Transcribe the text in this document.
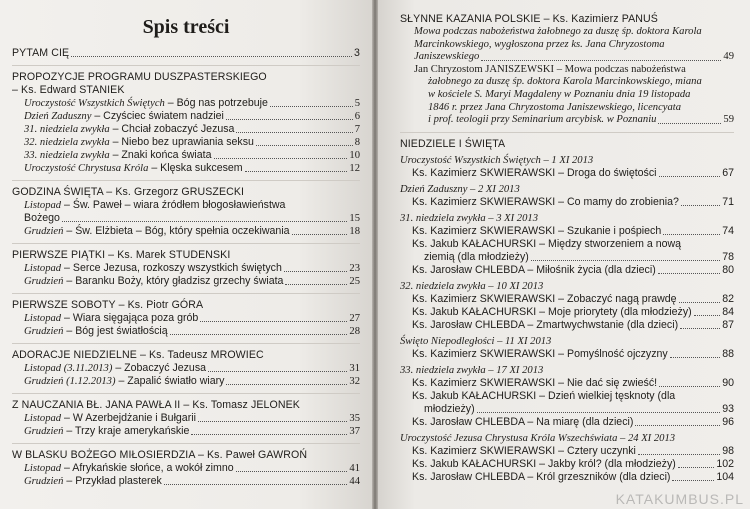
Spis treści
PYTAM CIĘ	3
PROPOZYCJE PROGRAMU DUSZPASTERSKIEGO
– Ks. Edward STANIEK
Uroczystość Wszystkich Świętych – Bóg nas potrzebuje	5
Dzień Zaduszny – Czyściec światem nadziei	6
31. niedziela zwykła – Chciał zobaczyć Jezusa	7
32. niedziela zwykła – Niebo bez uprawiania seksu	8
33. niedziela zwykła – Znaki końca świata	10
Uroczystość Chrystusa Króla – Klęska sukcesem	12
GODZINA ŚWIĘTA – Ks. Grzegorz GRUSZECKI
Listopad – Św. Paweł – wiara źródłem błogosławieństwa
Bożego	15
Grudzień – Św. Elżbieta – Bóg, który spełnia oczekiwania	18
PIERWSZE PIĄTKI – Ks. Marek STUDENSKI
Listopad – Serce Jezusa, rozkoszy wszystkich świętych	23
Grudzień – Baranku Boży, który gładzisz grzechy świata	25
PIERWSZE SOBOTY – Ks. Piotr GÓRA
Listopad – Wiara sięgająca poza grób	27
Grudzień – Bóg jest światłością	28
ADORACJE NIEDZIELNE – Ks. Tadeusz MROWIEC
Listopad (3.11.2013) – Zobaczyć Jezusa	31
Grudzień (1.12.2013) – Zapalić światło wiary	32
Z NAUCZANIA BŁ. JANA PAWŁA II – Ks. Tomasz JELONEK
Listopad – W Azerbejdżanie i Bułgarii	35
Grudzień – Trzy kraje amerykańskie	37
W BLASKU BOŻEGO MIŁOSIERDZIA – Ks. Paweł GAWROŃ
Listopad – Afrykańskie słońce, a wokół zimno	41
Grudzień – Przykład plasterek	44
SŁYNNE KAZANIA POLSKIE – Ks. Kazimierz PANUŚ
Mowa podczas nabożeństwa żałobnego za duszę śp. doktora Karola
Marcinkowskiego, wygłoszona przez ks. Jana Chryzostoma
Janiszewskiego	49
Jan Chryzostom JANISZEWSKI – Mowa podczas nabożeństwa
żałobnego za duszę śp. doktora Karola Marcinkowskiego, miana
w kościele S. Maryi Magdaleny w Poznaniu dnia 19 listopada
1846 r. przez Jana Chryzostoma Janiszewskiego, licencyata
i prof. teologii przy Seminarium arcybisk. w Poznaniu	59
NIEDZIELE I ŚWIĘTA
Uroczystość Wszystkich Świętych – 1 XI 2013
Ks. Kazimierz SKWIERAWSKI – Droga do świętości	67
Dzień Zaduszny – 2 XI 2013
Ks. Kazimierz SKWIERAWSKI – Co mamy do zrobienia?	71
31. niedziela zwykła – 3 XI 2013
Ks. Kazimierz SKWIERAWSKI – Szukanie i pośpiech	74
Ks. Jakub KAŁACHURSKI – Między stworzeniem a nową
ziemią (dla młodzieży)	78
Ks. Jarosław CHLEBDA – Miłośnik życia (dla dzieci)	80
32. niedziela zwykła – 10 XI 2013
Ks. Kazimierz SKWIERAWSKI – Zobaczyć nagą prawdę	82
Ks. Jakub KAŁACHURSKI – Moje priorytety (dla młodzieży)	84
Ks. Jarosław CHLEBDA – Zmartwychwstanie (dla dzieci)	87
Święto Niepodległości – 11 XI 2013
Ks. Kazimierz SKWIERAWSKI – Pomyślność ojczyzny	88
33. niedziela zwykła – 17 XI 2013
Ks. Kazimierz SKWIERAWSKI – Nie dać się zwieść!	90
Ks. Jakub KAŁACHURSKI – Dzień wielkiej tęsknoty (dla
młodzieży)	93
Ks. Jarosław CHLEBDA – Na miarę (dla dzieci)	96
Uroczystość Jezusa Chrystusa Króla Wszechświata – 24 XI 2013
Ks. Kazimierz SKWIERAWSKI – Cztery uczynki	98
Ks. Jakub KAŁACHURSKI – Jakby król? (dla młodzieży)	102
Ks. Jarosław CHLEBDA – Król grzeszników (dla dzieci)	104
KATAKUMBUS.PL
